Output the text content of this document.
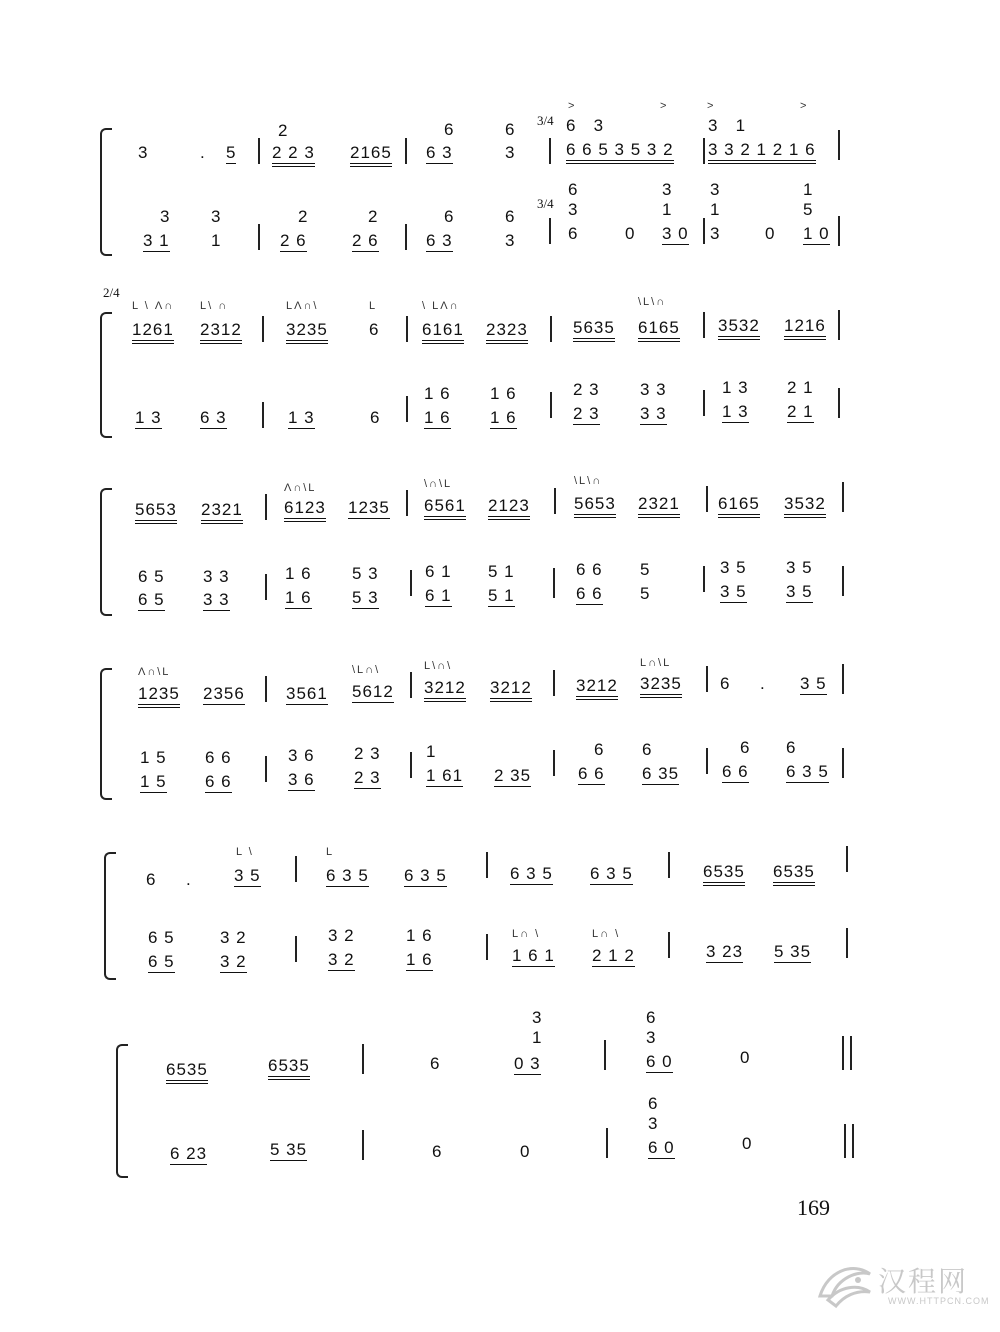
3/4
3/4
3	. 5
2
2 2 3 2165
6
6 3
6
3
>	>
6   3
6 6 5 3 5 3 2
>	>
3   1
3 3 2 1 2 1 6
3
3 1
3
1
2
2 6
2
2 6
6
6 3
6
3
6
3
6	0
3
1
3 0
3
1
3	0
1
5
1 0
2/4
L \ Λ∩ L\ ∩	LΛ∩\	L	\ LΛ∩	\L\∩
1261 2312	3235 6	6161 2323	5635 6165 3532 1216
1 3 6 3	1 3	6
1 6
1 6
1 6
1 6
2 3
2 3
3 3
3 3
1 3
1 3
2 1
2 1
Λ∩\L	\∩\L	\L\∩
5653 2321 6123 1235 6561 2123	5653 2321 6165 3532
6 5
6 5
3 3
3 3
1 6
1 6
5 3
5 3
6 1
6 1
5 1
5 1
6 6
6 6
5
5
3 5
3 5
3 5
3 5
Λ∩\L	\L∩\	L\∩\	L∩\L
1235 2356 3561 5612 3212 3212	3212 3235 6 . 3 5
1 5
1 5
6 6
6 6
3 6
3 6
2 3
2 3
1
1 61 2 35
6
6 6
6
6 35
6
6 6
6
6 3 5
L \	L
6 . 3 5	6 3 5 6 3 5	6 3 5 6 3 5	6535 6535
6 5
6 5
3 2
3 2
3 2
3 2
1 6
1 6
L∩ \	L∩ \
1 6 1 2 1 2	3 23 5 35
6535	6535	6
3
1
0 3
6
3
6 0	0
6 23	5 35	6	0
6
3
6 0	0
169
汉程网
WWW.HTTPCN.COM
